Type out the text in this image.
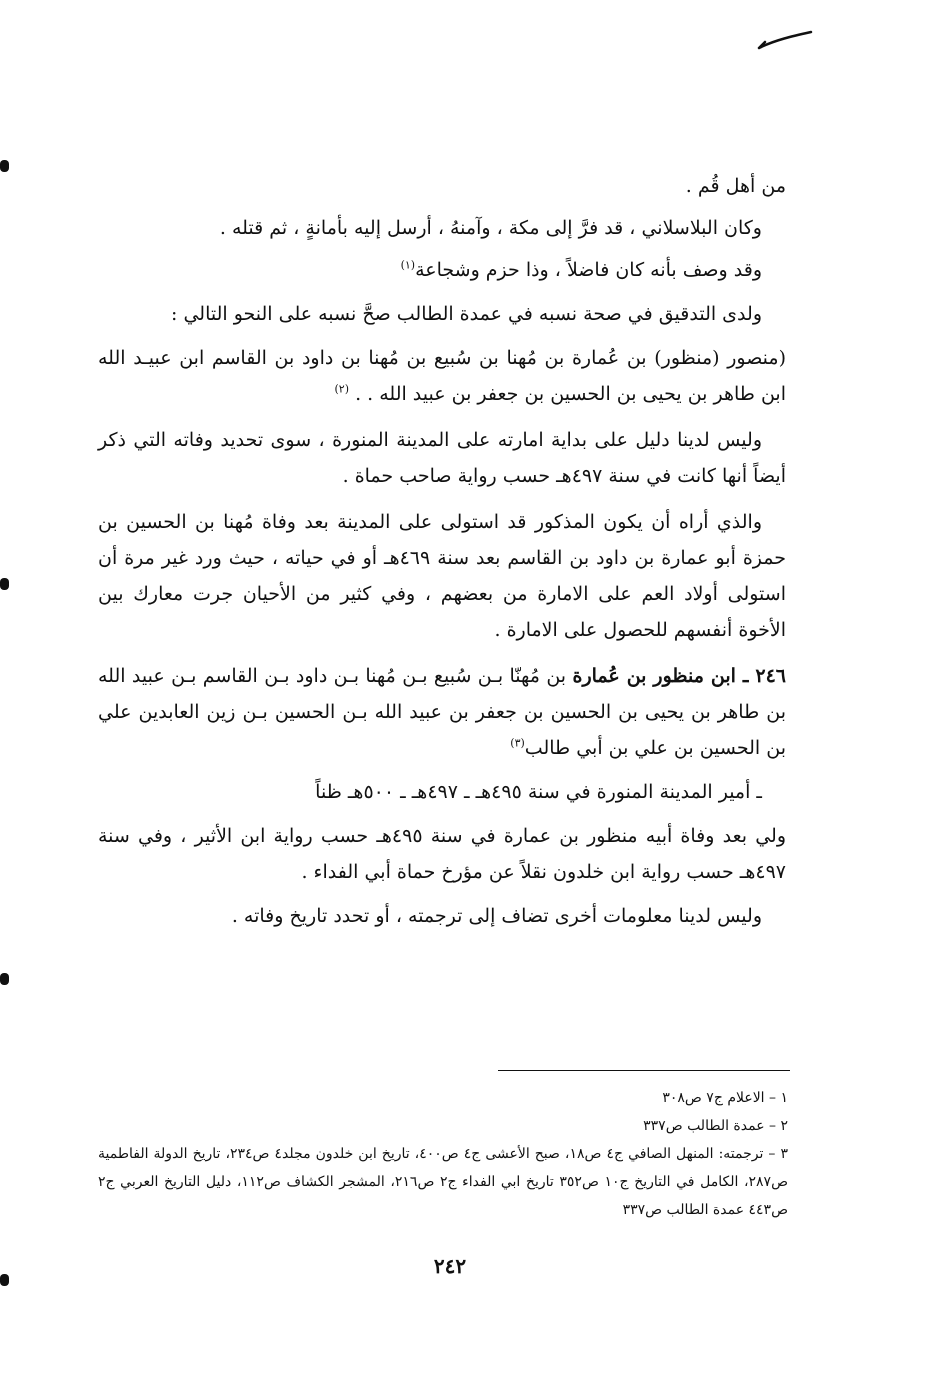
من أهل قُم .

وكان البلاسلاني ، قد فرَّ إلى مكة ، وآمنهُ ، أرسل إليه بأمانةٍ ، ثم قتله .

وقد وصف بأنه كان فاضلاً ، وذا حزم وشجاعة$^{(١)}$

ولدى التدقيق في صحة نسبه في عمدة الطالب صحَّ نسبه على النحو التالي :

(منصور (منظور) بن عُمارة بن مُهنا بن سُبيع بن مُهنا بن داود بن القاسم ابن عبيـد الله ابن طاهر بن يحيى بن الحسين بن جعفر بن عبيد الله . . $^{(٢)}$

وليس لدينا دليل على بداية امارته على المدينة المنورة ، سوى تحديد وفاته التي ذكر أيضاً أنها كانت في سنة ٤٩٧هـ حسب رواية صاحب حماة .

والذي أراه أن يكون المذكور قد استولى على المدينة بعد وفاة مُهنا بن الحسين بن حمزة أبو عمارة بن داود بن القاسم بعد سنة ٤٦٩هـ أو في حياته ، حيث ورد غير مرة أن استولى أولاد العم على الامارة من بعضهم ، وفي كثير من الأحيان جرت معارك بين الأخوة أنفسهم للحصول على الامارة .

٢٤٦ ـ ابن منظور بن عُمارة بن مُهنّا بـن سُبيع بـن مُهنا بـن داود بـن القاسم بـن عبيد الله بن طاهر بن يحيى بن الحسين بن جعفر بن عبيد الله بـن الحسين بـن زين العابدين علي بن الحسين بن علي بن أبي طالب$^{(٣)}$

ـ أمير المدينة المنورة في سنة ٤٩٥هـ ـ ٤٩٧هـ ـ ٥٠٠هـ ظناً

ولي بعد وفاة أبيه منظور بن عمارة في سنة ٤٩٥هـ حسب رواية ابن الأثير ، وفي سنة ٤٩٧هـ حسب رواية ابن خلدون نقلاً عن مؤرخ حماة أبي الفداء .

وليس لدينا معلومات أخرى تضاف إلى ترجمته ، أو تحدد تاريخ وفاته .

١ – الاعلام ج٧ ص٣٠٨

٢ – عمدة الطالب ص٣٣٧

٣ – ترجمته: المنهل الصافي ج٤ ص١٨، صبح الأعشى ج٤ ص٤٠٠، تاريخ ابن خلدون مجلد٤ ص٢٣٤، تاريخ الدولة الفاطمية ص٢٨٧، الكامل في التاريخ ج١٠ ص٣٥٢ تاريخ ابي الفداء ج٢ ص٢١٦، المشجر الكشاف ص١١٢، دليل التاريخ العربي ج٢ ص٤٤٣ عمدة الطالب ص٣٣٧

٢٤٢
